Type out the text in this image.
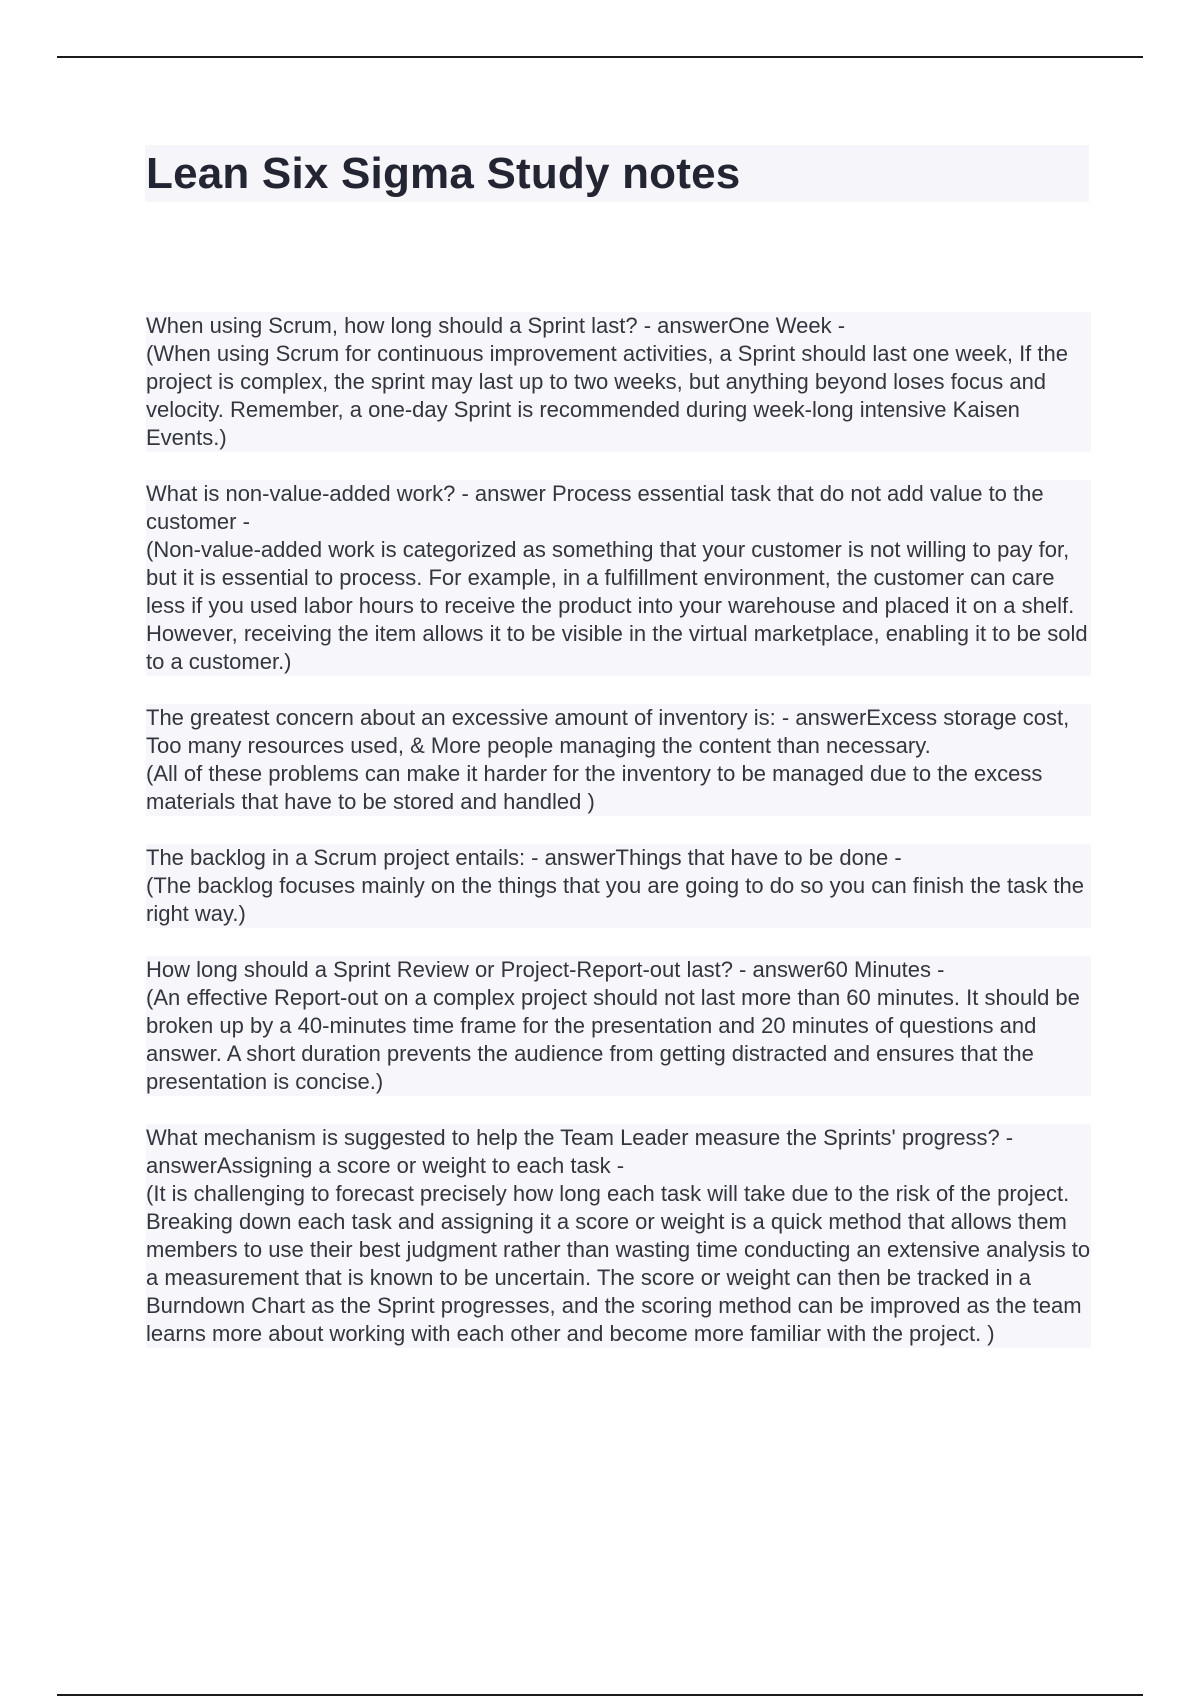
Lean Six Sigma Study notes

When using Scrum, how long should a Sprint last? - answerOne Week -

(When using Scrum for continuous improvement activities, a Sprint should last one week, If the project is complex, the sprint may last up to two weeks, but anything beyond loses focus and velocity. Remember, a one-day Sprint is recommended during week-long intensive Kaisen Events.)

What is non-value-added work? - answer Process essential task that do not add value to the customer -

(Non-value-added work is categorized as something that your customer is not willing to pay for, but it is essential to process. For example, in a fulfillment environment, the customer can care less if you used labor hours to receive the product into your warehouse and placed it on a shelf. However, receiving the item allows it to be visible in the virtual marketplace, enabling it to be sold to a customer.)

The greatest concern about an excessive amount of inventory is: - answerExcess storage cost, Too many resources used, & More people managing the content than necessary.

(All of these problems can make it harder for the inventory to be managed due to the excess materials that have to be stored and handled )

The backlog in a Scrum project entails: - answerThings that have to be done -

(The backlog focuses mainly on the things that you are going to do so you can finish the task the right way.)

How long should a Sprint Review or Project-Report-out last? - answer60 Minutes -

(An effective Report-out on a complex project should not last more than 60 minutes. It should be broken up by a 40-minutes time frame for the presentation and 20 minutes of questions and answer. A short duration prevents the audience from getting distracted and ensures that the presentation is concise.)

What mechanism is suggested to help the Team Leader measure the Sprints' progress? - answerAssigning a score or weight to each task -

(It is challenging to forecast precisely how long each task will take due to the risk of the project. Breaking down each task and assigning it a score or weight is a quick method that allows them members to use their best judgment rather than wasting time conducting an extensive analysis to a measurement that is known to be uncertain. The score or weight can then be tracked in a Burndown Chart as the Sprint progresses, and the scoring method can be improved as the team learns more about working with each other and become more familiar with the project. )
